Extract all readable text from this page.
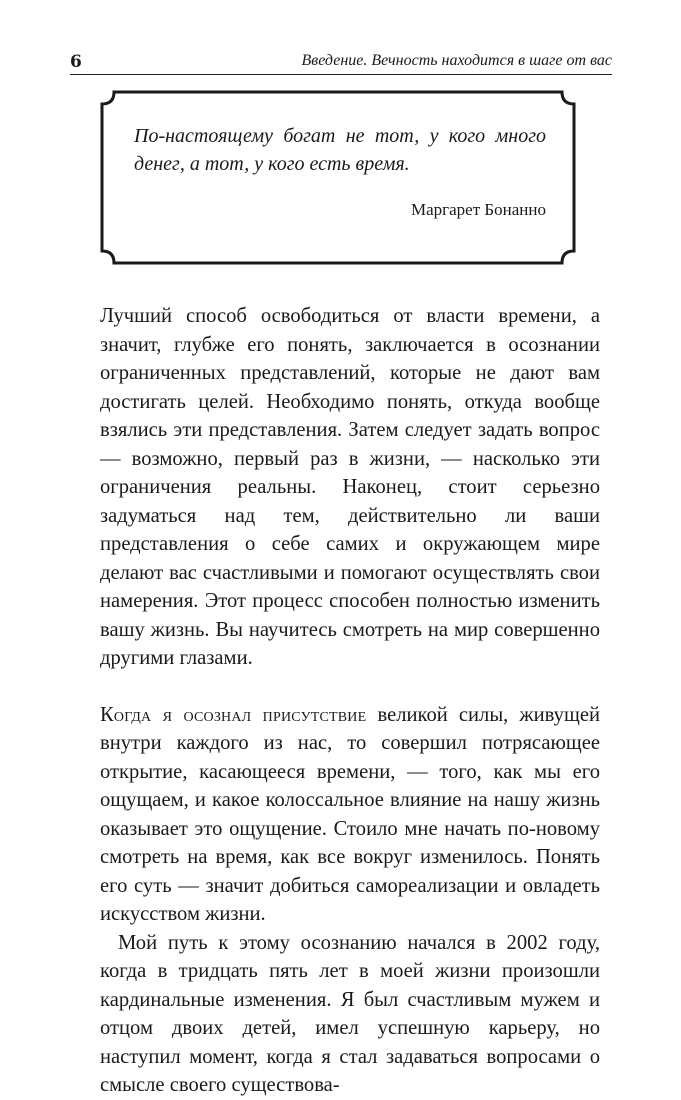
6	Введение. Вечность находится в шаге от вас
По-настоящему богат не тот, у кого много денег, а тот, у кого есть время.
Маргарет Бонанно

Лучший способ освободиться от власти времени, а значит, глубже его понять, заключается в осознании ограниченных представлений, которые не дают вам достигать целей. Необходимо понять, откуда вообще взялись эти представления. Затем следует задать вопрос — возможно, первый раз в жизни, — насколько эти ограничения реальны. Наконец, стоит серьезно задуматься над тем, действительно ли ваши представления о себе самих и окружающем мире делают вас счастливыми и помогают осуществлять свои намерения. Этот процесс способен полностью изменить вашу жизнь. Вы научитесь смотреть на мир совершенно другими глазами.

Когда я осознал присутствие великой силы, живущей внутри каждого из нас, то совершил потрясающее открытие, касающееся времени, — того, как мы его ощущаем, и какое колоссальное влияние на нашу жизнь оказывает это ощущение. Стоило мне начать по-новому смотреть на время, как все вокруг изменилось. Понять его суть — значит добиться самореализации и овладеть искусством жизни.

Мой путь к этому осознанию начался в 2002 году, когда в тридцать пять лет в моей жизни произошли кардинальные изменения. Я был счастливым мужем и отцом двоих детей, имел успешную карьеру, но наступил момент, когда я стал задаваться вопросами о смысле своего существова-
